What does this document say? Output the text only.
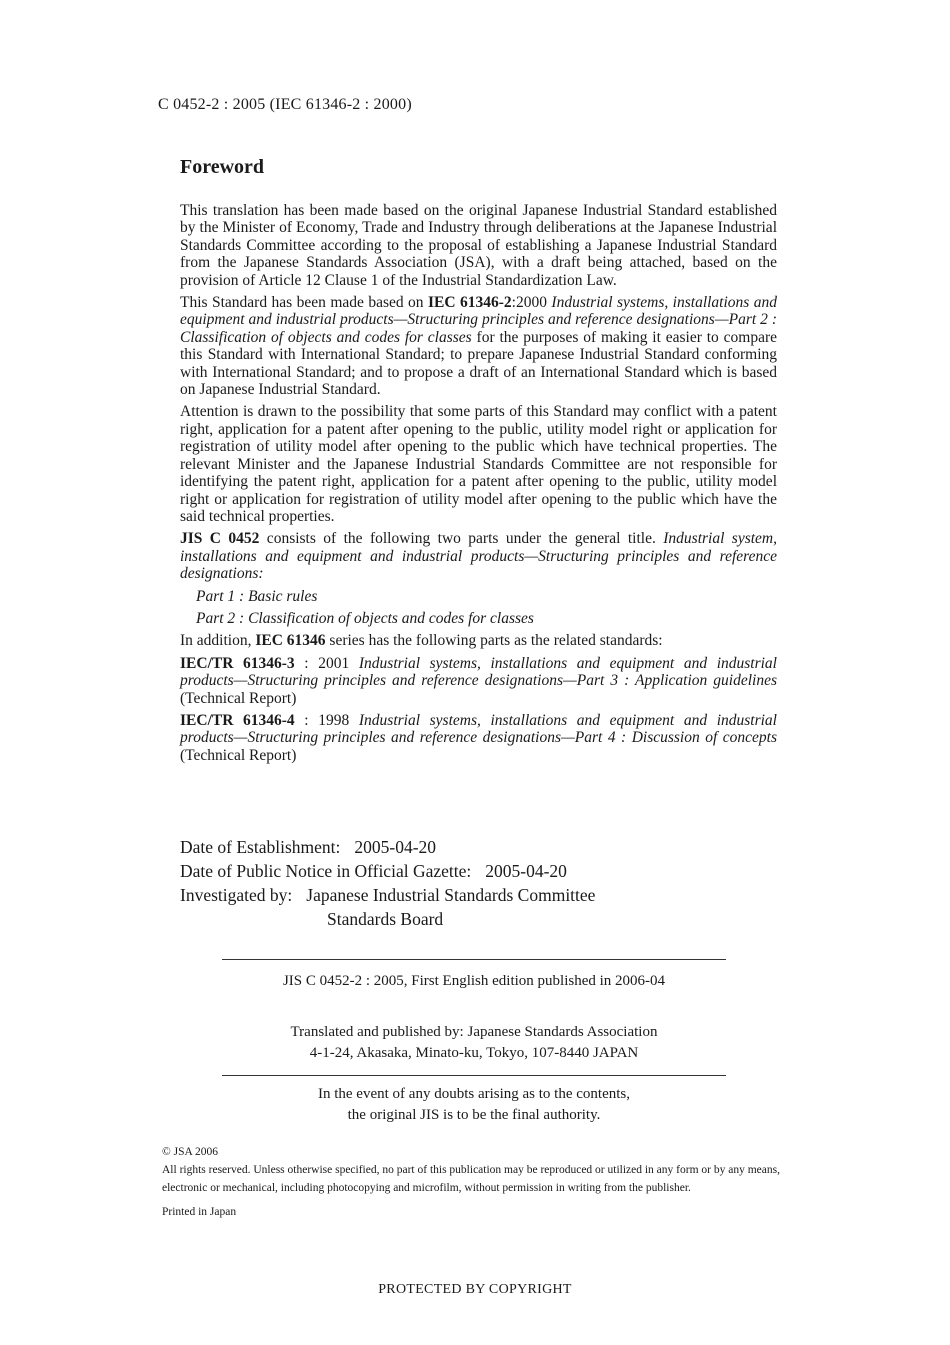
C 0452-2 : 2005 (IEC 61346-2 : 2000)
Foreword

This translation has been made based on the original Japanese Industrial Standard established by the Minister of Economy, Trade and Industry through deliberations at the Japanese Industrial Standards Committee according to the proposal of establishing a Japanese Industrial Standard from the Japanese Standards Association (JSA), with a draft being attached, based on the provision of Article 12 Clause 1 of the Industrial Standardization Law.

This Standard has been made based on IEC 61346-2:2000 Industrial systems, installations and equipment and industrial products—Structuring principles and reference designations—Part 2 : Classification of objects and codes for classes for the purposes of making it easier to compare this Standard with International Standard; to prepare Japanese Industrial Standard conforming with International Standard; and to propose a draft of an International Standard which is based on Japanese Industrial Standard.

Attention is drawn to the possibility that some parts of this Standard may conflict with a patent right, application for a patent after opening to the public, utility model right or application for registration of utility model after opening to the public which have technical properties. The relevant Minister and the Japanese Industrial Standards Committee are not responsible for identifying the patent right, application for a patent after opening to the public, utility model right or application for registration of utility model after opening to the public which have the said technical properties.

JIS C 0452 consists of the following two parts under the general title. Industrial system, installations and equipment and industrial products—Structuring principles and reference designations:

Part 1 : Basic rules

Part 2 : Classification of objects and codes for classes

In addition, IEC 61346 series has the following parts as the related standards:

IEC/TR 61346-3 : 2001 Industrial systems, installations and equipment and industrial products—Structuring principles and reference designations—Part 3 : Application guidelines (Technical Report)

IEC/TR 61346-4 : 1998 Industrial systems, installations and equipment and industrial products—Structuring principles and reference designations—Part 4 : Discussion of concepts (Technical Report)

Date of Establishment: 2005-04-20
Date of Public Notice in Official Gazette: 2005-04-20
Investigated by: Japanese Industrial Standards Committee
Standards Board
JIS C 0452-2 : 2005, First English edition published in 2006-04
Translated and published by: Japanese Standards Association
4-1-24, Akasaka, Minato-ku, Tokyo, 107-8440 JAPAN
In the event of any doubts arising as to the contents,
the original JIS is to be the final authority.

© JSA 2006

All rights reserved. Unless otherwise specified, no part of this publication may be reproduced or utilized in any form or by any means, electronic or mechanical, including photocopying and microfilm, without permission in writing from the publisher.

Printed in Japan

PROTECTED BY COPYRIGHT
